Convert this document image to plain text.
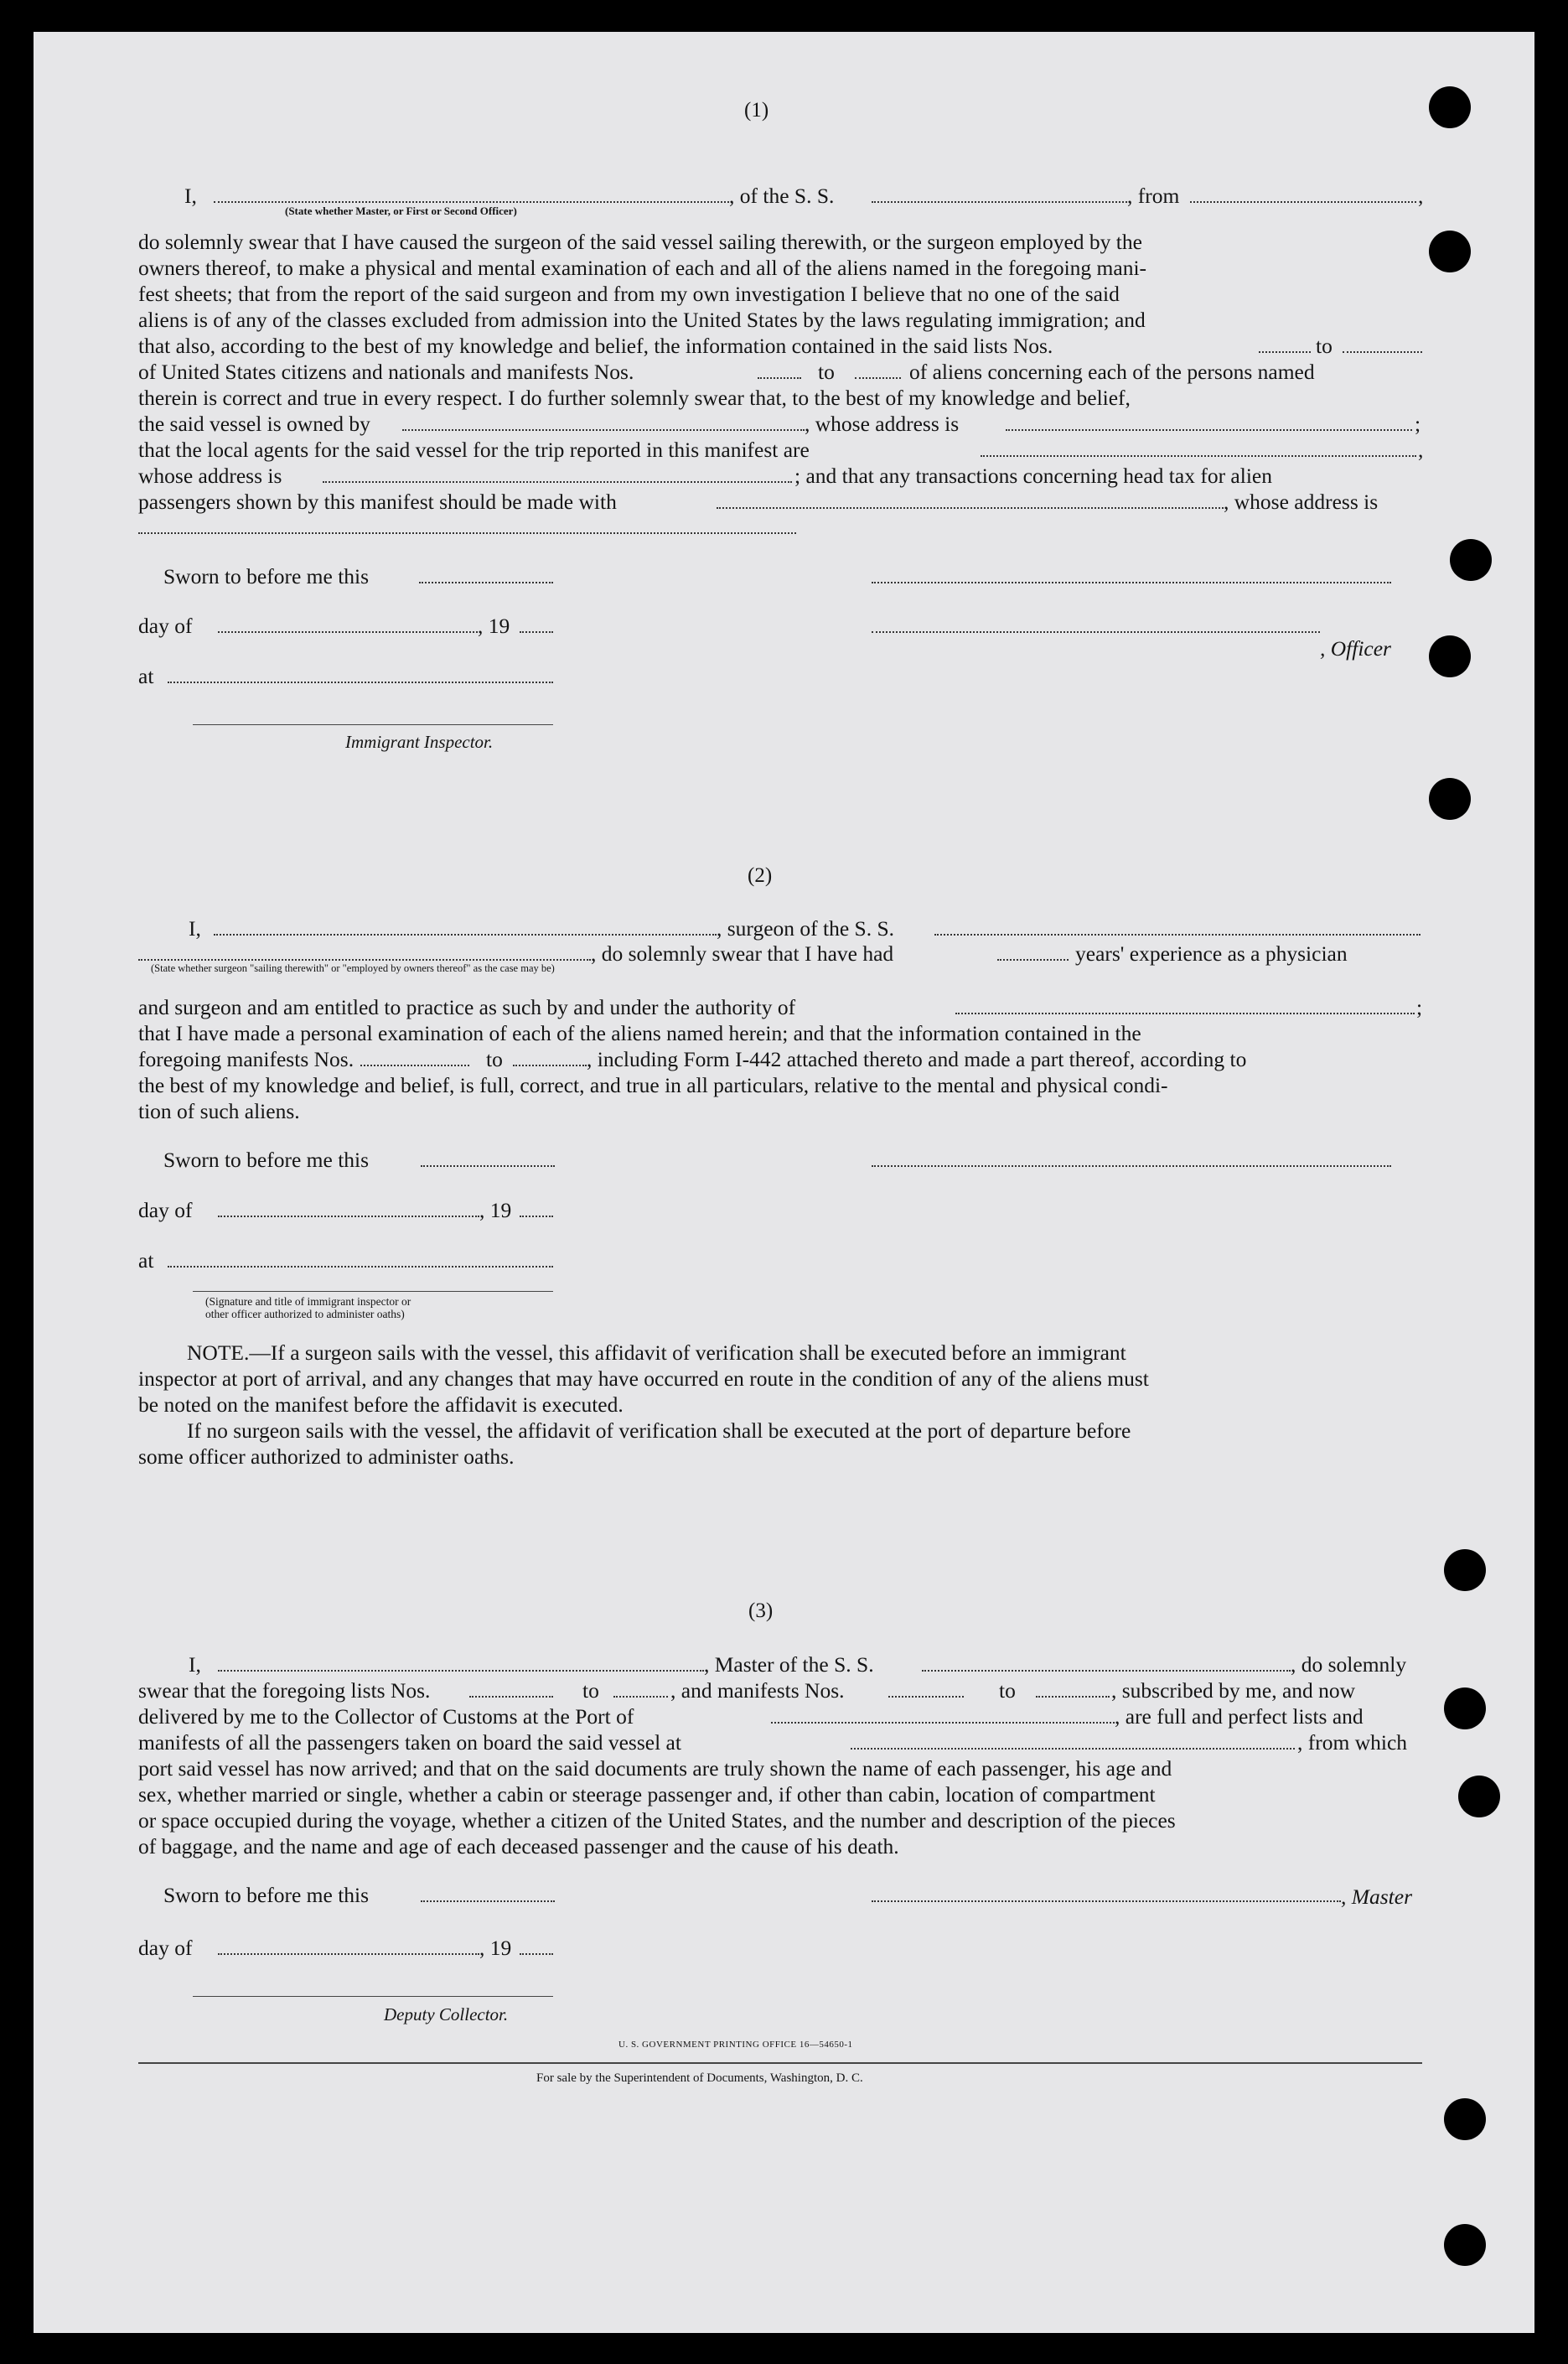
(1)
I,	, of the S. S.	, from	,
(State whether Master, or First or Second Officer)
do solemnly swear that I have caused the surgeon of the said vessel sailing therewith, or the surgeon employed by the
owners thereof, to make a physical and mental examination of each and all of the aliens named in the foregoing mani-
fest sheets; that from the report of the said surgeon and from my own investigation I believe that no one of the said
aliens is of any of the classes excluded from admission into the United States by the laws regulating immigration; and
that also, according to the best of my knowledge and belief, the information contained in the said lists Nos.	to
of United States citizens and nationals and manifests Nos.	to	of aliens concerning each of the persons named
therein is correct and true in every respect. I do further solemnly swear that, to the best of my knowledge and belief,
the said vessel is owned by	, whose address is	;
that the local agents for the said vessel for the trip reported in this manifest are	,
whose address is	; and that any transactions concerning head tax for alien
passengers shown by this manifest should be made with	, whose address is
Sworn to before me this
day of	, 19
, Officer
at
Immigrant Inspector.
(2)
I,	, surgeon of the S. S.
, do solemnly swear that I have had	years' experience as a physician
(State whether surgeon "sailing therewith" or "employed by owners thereof" as the case may be)
and surgeon and am entitled to practice as such by and under the authority of	;
that I have made a personal examination of each of the aliens named herein; and that the information contained in the
foregoing manifests Nos.	to	, including Form I-442 attached thereto and made a part thereof, according to
the best of my knowledge and belief, is full, correct, and true in all particulars, relative to the mental and physical condi-
tion of such aliens.
Sworn to before me this
day of	, 19
at
(Signature and title of immigrant inspector or
other officer authorized to administer oaths)
NOTE.—If a surgeon sails with the vessel, this affidavit of verification shall be executed before an immigrant
inspector at port of arrival, and any changes that may have occurred en route in the condition of any of the aliens must
be noted on the manifest before the affidavit is executed.
If no surgeon sails with the vessel, the affidavit of verification shall be executed at the port of departure before
some officer authorized to administer oaths.
(3)
I,	, Master of the S. S.	, do solemnly
swear that the foregoing lists Nos.	to	, and manifests Nos.	to	, subscribed by me, and now
delivered by me to the Collector of Customs at the Port of	, are full and perfect lists and
manifests of all the passengers taken on board the said vessel at	, from which
port said vessel has now arrived; and that on the said documents are truly shown the name of each passenger, his age and
sex, whether married or single, whether a cabin or steerage passenger and, if other than cabin, location of compartment
or space occupied during the voyage, whether a citizen of the United States, and the number and description of the pieces
of baggage, and the name and age of each deceased passenger and the cause of his death.
Sworn to before me this	, Master
day of	, 19
Deputy Collector.
U. S. GOVERNMENT PRINTING OFFICE 16—54650-1
For sale by the Superintendent of Documents, Washington, D. C.
